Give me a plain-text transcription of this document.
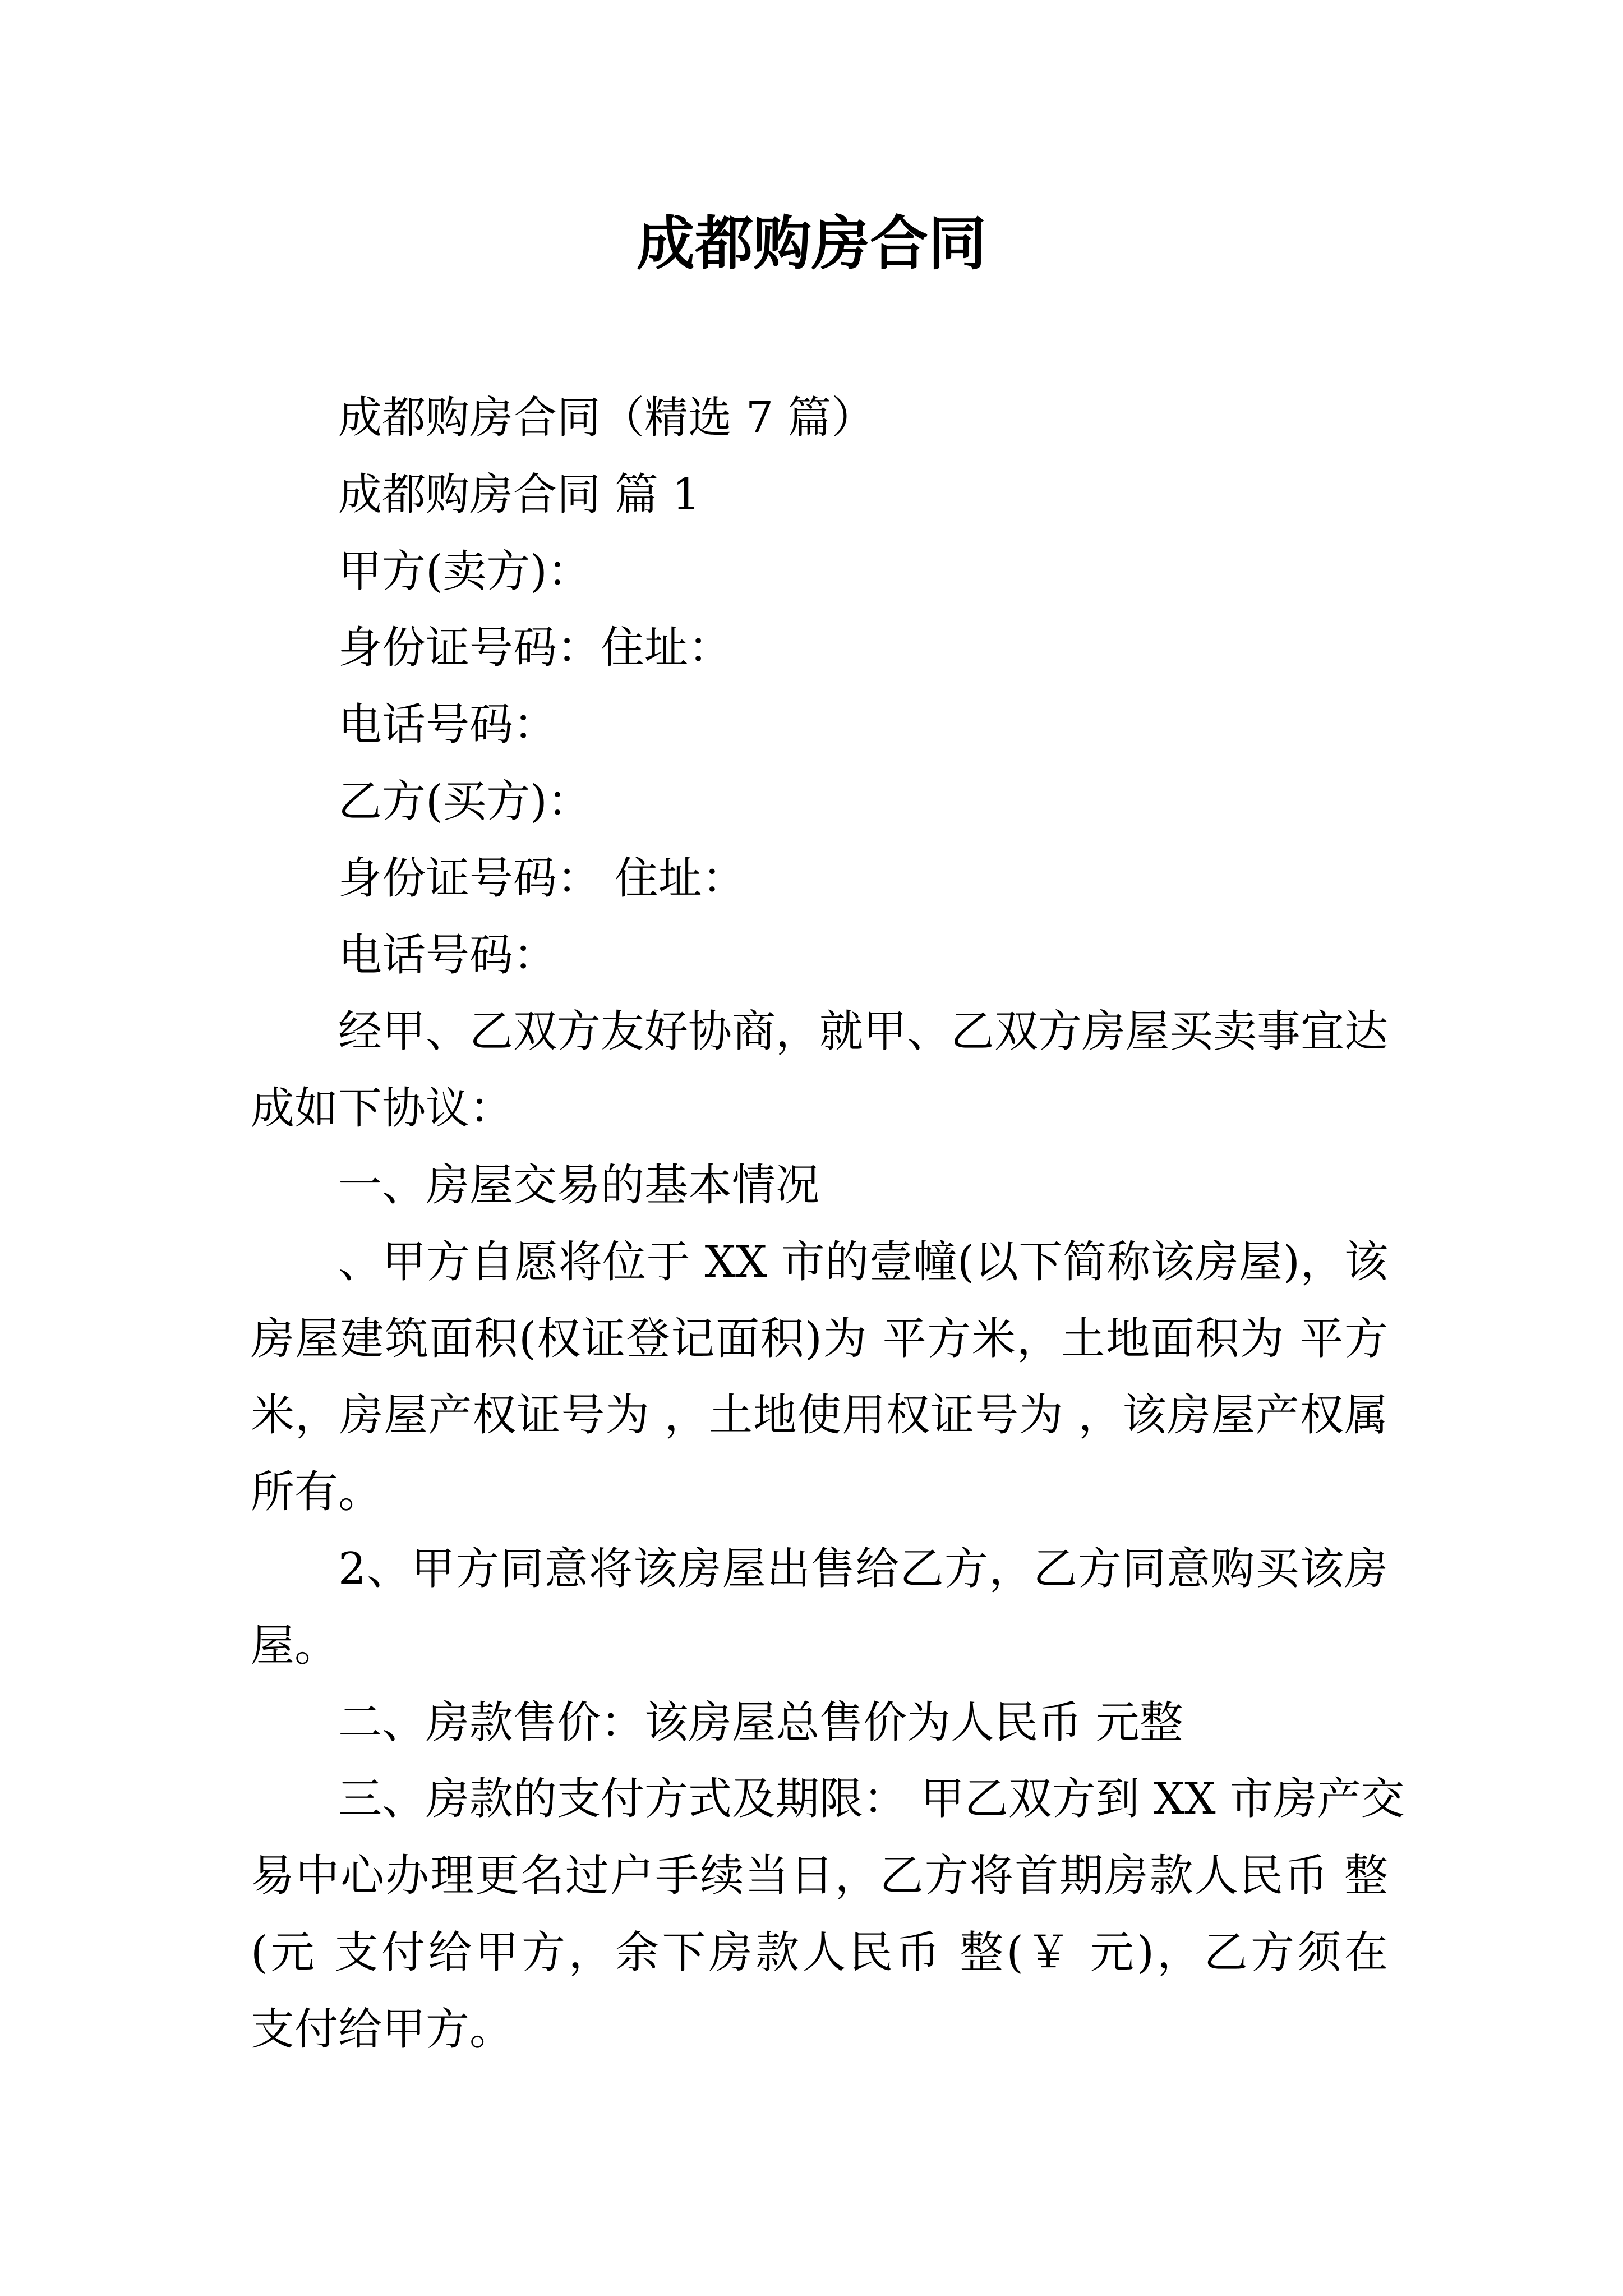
成都购房合同
成都购房合同（精选 7 篇）
成都购房合同 篇 1
甲方(卖方)：
身份证号码：住址：
电话号码：
乙方(买方)：
身份证号码： 住址：
电话号码：
经甲、乙双方友好协商，就甲、乙双方房屋买卖事宜达
成如下协议：
一、房屋交易的基本情况
、甲方自愿将位于 XX 市的壹幢(以下简称该房屋)，该
房屋建筑面积(权证登记面积)为 平方米，土地面积为 平方
米，房屋产权证号为 ，土地使用权证号为 ，该房屋产权属
所有。
2、甲方同意将该房屋出售给乙方，乙方同意购买该房
屋。
二、房款售价：该房屋总售价为人民币 元整
三、房款的支付方式及期限： 甲乙双方到 XX 市房产交
易中心办理更名过户手续当日，乙方将首期房款人民币 整
(元 支付给甲方，余下房款人民币 整(￥ 元)，乙方须在
支付给甲方。
